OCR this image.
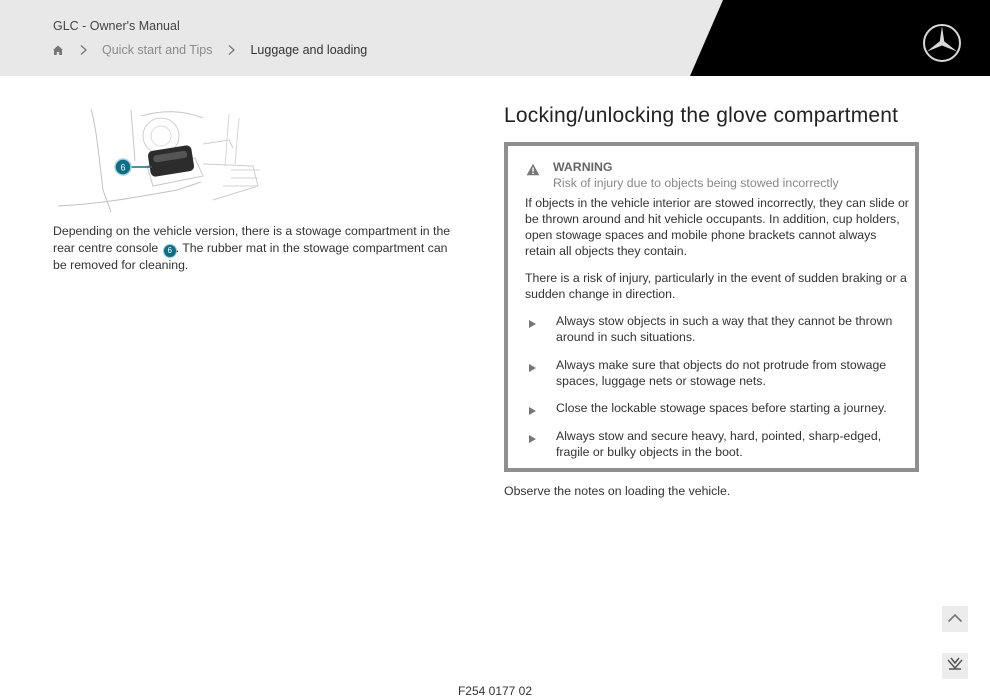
GLC - Owner's Manual
Quick start and Tips	Luggage and loading
6
Depending on the vehicle version, there is a stowage compartment in the rear centre console 6 . The rubber mat in the stowage compartment can be removed for cleaning.
Locking/unlocking the glove compartment
WARNING
Risk of injury due to objects being stowed incorrectly

If objects in the vehicle interior are stowed incorrectly, they can slide or be thrown around and hit vehicle occupants. In addition, cup holders, open stowage spaces and mobile phone brackets cannot always retain all objects they contain.

There is a risk of injury, particularly in the event of sudden braking or a sudden change in direction.

Always stow objects in such a way that they cannot be thrown around in such situations.
Always make sure that objects do not protrude from stowage spaces, luggage nets or stowage nets.
Close the lockable stowage spaces before starting a journey.
Always stow and secure heavy, hard, pointed, sharp-edged, fragile or bulky objects in the boot.
Observe the notes on loading the vehicle.
F254 0177 02
